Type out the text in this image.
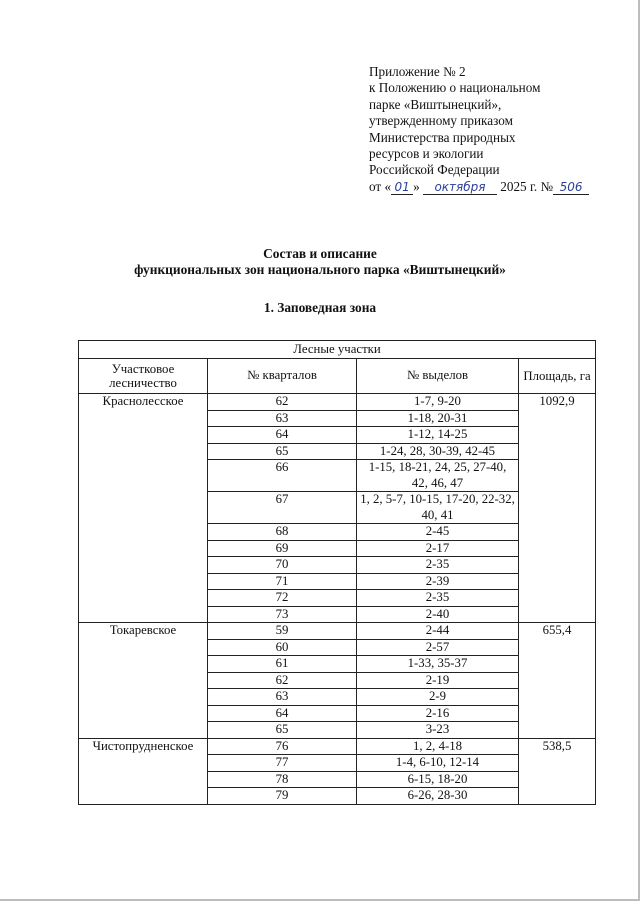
Приложение № 2
к Положению о национальном
парке «Виштынецкий»,
утвержденному приказом
Министерства природных
ресурсов и экологии
Российской Федерации
от « 01 » октября 2025 г. № 506
Состав и описание
функциональных зон национального парка «Виштынецкий»
1. Заповедная зона
Лесные участки			
Участковое лесничество	№ кварталов	№ выделов	Площадь, га
Краснолесское	62	1-7, 9-20	1092,9
	63	1-18, 20-31	
	64	1-12, 14-25	
	65	1-24, 28, 30-39, 42-45	
	66	1-15, 18-21, 24, 25, 27-40, 42, 46, 47	
	67	1, 2, 5-7, 10-15, 17-20, 22-32, 40, 41	
	68	2-45	
	69	2-17	
	70	2-35	
	71	2-39	
	72	2-35	
	73	2-40	
Токаревское	59	2-44	655,4
	60	2-57	
	61	1-33, 35-37	
	62	2-19	
	63	2-9	
	64	2-16	
	65	3-23	
Чистопрудненское	76	1, 2, 4-18	538,5
	77	1-4, 6-10, 12-14	
	78	6-15, 18-20	
	79	6-26, 28-30	
